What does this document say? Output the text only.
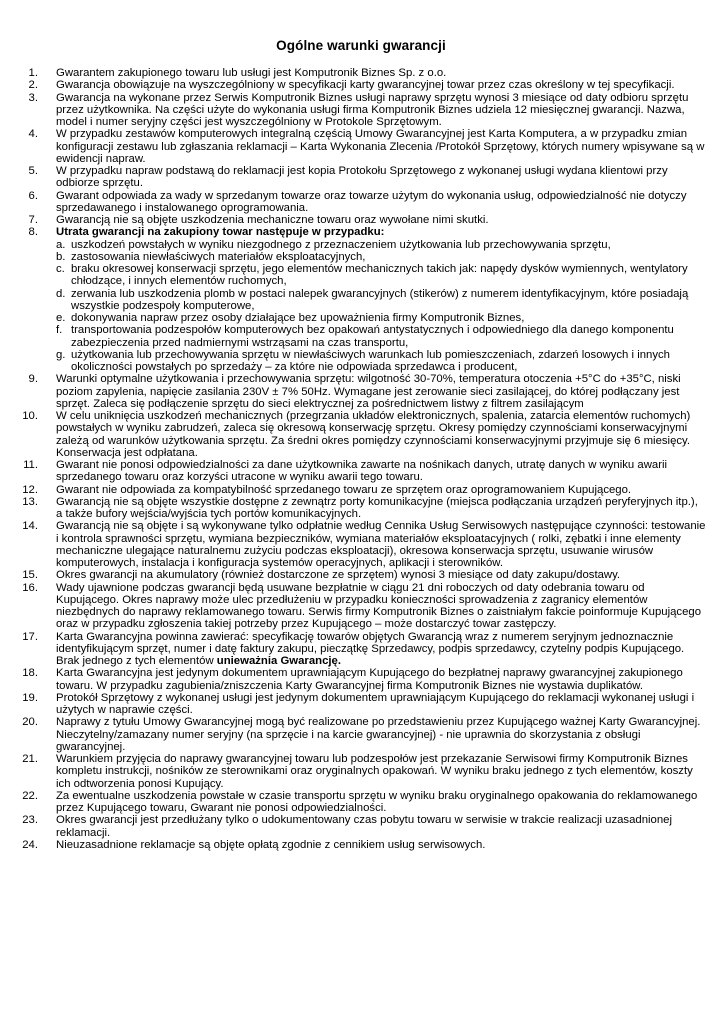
Ogólne warunki gwarancji
1. Gwarantem zakupionego towaru lub usługi jest Komputronik Biznes Sp. z o.o.
2. Gwarancja obowiązuje na wyszczególniony w specyfikacji karty gwarancyjnej towar przez czas określony w tej specyfikacji.
3. Gwarancja na wykonane przez Serwis Komputronik Biznes usługi naprawy sprzętu wynosi 3 miesiące od daty odbioru sprzętu przez użytkownika. Na części użyte do wykonania usługi firma Komputronik Biznes udziela 12 miesięcznej gwarancji. Nazwa, model i numer seryjny części jest wyszczególniony w Protokole Sprzętowym.
4. W przypadku zestawów komputerowych integralną częścią Umowy Gwarancyjnej jest Karta Komputera, a w przypadku zmian konfiguracji zestawu lub zgłaszania reklamacji – Karta Wykonania Zlecenia /Protokół Sprzętowy, których numery wpisywane są w ewidencji napraw.
5. W przypadku napraw podstawą do reklamacji jest kopia Protokołu Sprzętowego z wykonanej usługi wydana klientowi przy odbiorze sprzętu.
6. Gwarant odpowiada za wady w sprzedanym towarze oraz towarze użytym do wykonania usług, odpowiedzialność nie dotyczy sprzedawanego i instalowanego oprogramowania.
7. Gwarancją nie są objęte uszkodzenia mechaniczne towaru oraz wywołane nimi skutki.
8. Utrata gwarancji na zakupiony towar następuje w przypadku:
a. uszkodzeń powstałych w wyniku niezgodnego z przeznaczeniem użytkowania lub przechowywania sprzętu,
b. zastosowania niewłaściwych materiałów eksploatacyjnych,
c. braku okresowej konserwacji sprzętu, jego elementów mechanicznych takich jak: napędy dysków wymiennych, wentylatory chłodzące, i innych elementów ruchomych,
d. zerwania lub uszkodzenia plomb w postaci nalepek gwarancyjnych (stikerów) z numerem identyfikacyjnym, które posiadają wszystkie podzespoły komputerowe,
e. dokonywania napraw przez osoby działające bez upoważnienia firmy Komputronik Biznes,
f. transportowania podzespołów komputerowych bez opakowań antystatycznych i odpowiedniego dla danego komponentu zabezpieczenia przed nadmiernymi wstrząsami na czas transportu,
g. użytkowania lub przechowywania sprzętu w niewłaściwych warunkach lub pomieszczeniach, zdarzeń losowych i innych okoliczności powstałych po sprzedaży – za które nie odpowiada sprzedawca i producent,
9. Warunki optymalne użytkowania i przechowywania sprzętu: wilgotność 30-70%, temperatura otoczenia +5°C do +35°C, niski poziom zapylenia, napięcie zasilania 230V ± 7% 50Hz. Wymagane jest zerowanie sieci zasilającej, do której podłączany jest sprzęt. Zaleca się podłączenie sprzętu do sieci elektrycznej za pośrednictwem listwy z filtrem zasilającym
10. W celu uniknięcia uszkodzeń mechanicznych (przegrzania układów elektronicznych, spalenia, zatarcia elementów ruchomych) powstałych w wyniku zabrudzeń, zaleca się okresową konserwację sprzętu. Okresy pomiędzy czynnościami konserwacyjnymi zależą od warunków użytkowania sprzętu. Za średni okres pomiędzy czynnościami konserwacyjnymi przyjmuje się 6 miesięcy. Konserwacja jest odpłatana.
11. Gwarant nie ponosi odpowiedzialności za dane użytkownika zawarte na nośnikach danych, utratę danych w wyniku awarii sprzedanego towaru oraz korzyści utracone w wyniku awarii tego towaru.
12. Gwarant nie odpowiada za kompatybilność sprzedanego towaru ze sprzętem oraz oprogramowaniem Kupującego.
13. Gwarancją nie są objęte wszystkie dostępne z zewnątrz porty komunikacyjne (miejsca podłączania urządzeń peryferyjnych itp.), a także bufory wejścia/wyjścia tych portów komunikacyjnych.
14. Gwarancją nie są objęte i są wykonywane tylko odpłatnie według Cennika Usług Serwisowych następujące czynności: testowanie i kontrola sprawności sprzętu, wymiana bezpieczników, wymiana materiałów eksploatacyjnych ( rolki, zębatki i inne elementy mechaniczne ulegające naturalnemu zużyciu podczas eksploatacji), okresowa konserwacja sprzętu, usuwanie wirusów komputerowych, instalacja i konfiguracja systemów operacyjnych, aplikacji i sterowników.
15. Okres gwarancji na akumulatory (również dostarczone ze sprzętem) wynosi 3 miesiące od daty zakupu/dostawy.
16. Wady ujawnione podczas gwarancji będą usuwane bezpłatnie w ciągu 21 dni roboczych od daty odebrania towaru od Kupującego. Okres naprawy może ulec przedłużeniu w przypadku konieczności sprowadzenia z zagranicy elementów niezbędnych do naprawy reklamowanego towaru. Serwis firmy Komputronik Biznes o zaistniałym fakcie poinformuje Kupującego oraz w przypadku zgłoszenia takiej potrzeby przez Kupującego – może dostarczyć towar zastępczy.
17. Karta Gwarancyjna powinna zawierać: specyfikację towarów objętych Gwarancją wraz z numerem seryjnym jednoznacznie identyfikującym sprzęt, numer i datę faktury zakupu, pieczątkę Sprzedawcy, podpis sprzedawcy, czytelny podpis Kupującego. Brak jednego z tych elementów unieważnia Gwarancję.
18. Karta Gwarancyjna jest jedynym dokumentem uprawniającym Kupującego do bezpłatnej naprawy gwarancyjnej zakupionego towaru. W przypadku zagubienia/zniszczenia Karty Gwarancyjnej firma Komputronik Biznes nie wystawia duplikatów.
19. Protokół Sprzętowy z wykonanej usługi jest jedynym dokumentem uprawniającym Kupującego do reklamacji wykonanej usługi i użytych w naprawie części.
20. Naprawy z tytułu Umowy Gwarancyjnej mogą być realizowane po przedstawieniu przez Kupującego ważnej Karty Gwarancyjnej. Nieczytelny/zamazany numer seryjny (na sprzęcie i na karcie gwarancyjnej) - nie uprawnia do skorzystania z obsługi gwarancyjnej.
21. Warunkiem przyjęcia do naprawy gwarancyjnej towaru lub podzespołów jest przekazanie Serwisowi firmy Komputronik Biznes kompletu instrukcji, nośników ze sterownikami oraz oryginalnych opakowań. W wyniku braku jednego z tych elementów, koszty ich odtworzenia ponosi Kupujący.
22. Za ewentualne uszkodzenia powstałe w czasie transportu sprzętu w wyniku braku oryginalnego opakowania do reklamowanego przez Kupującego towaru, Gwarant nie ponosi odpowiedzialności.
23. Okres gwarancji jest przedłużany tylko o udokumentowany czas pobytu towaru w serwisie w trakcie realizacji uzasadnionej reklamacji.
24. Nieuzasadnione reklamacje są objęte opłatą zgodnie z cennikiem usług serwisowych.
